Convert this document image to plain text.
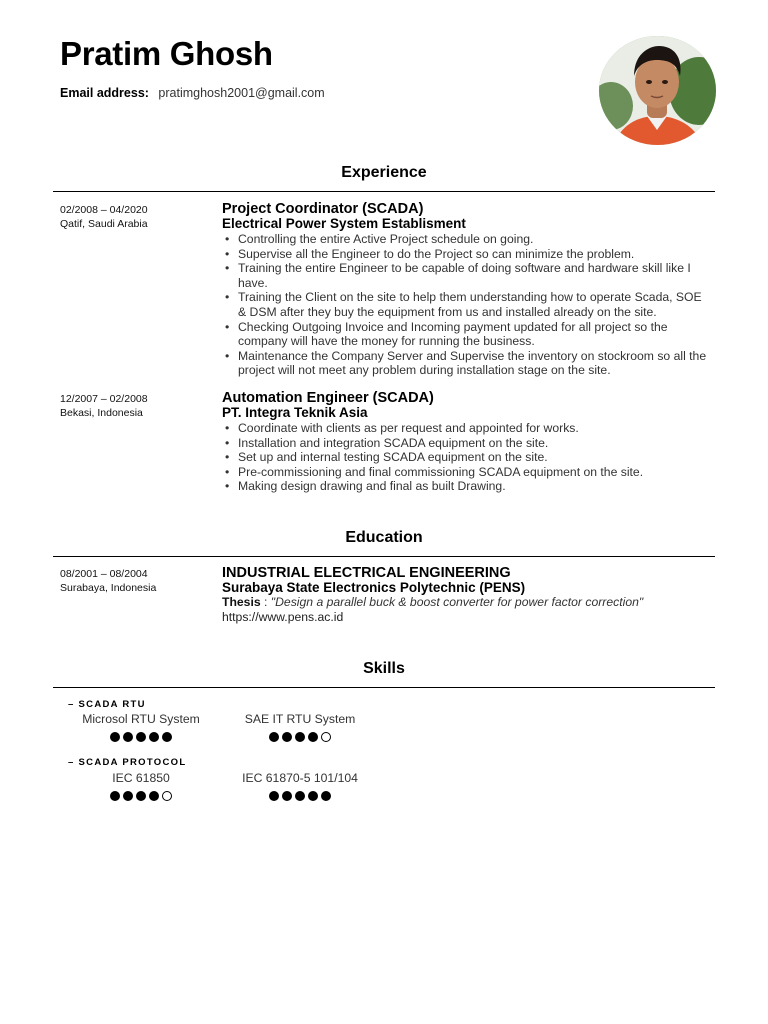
Pratim Ghosh
Email address: pratimghosh2001@gmail.com
Experience
02/2008 – 04/2020
Qatif, Saudi Arabia
Project Coordinator (SCADA)
Electrical Power System Establisment
• Controlling the entire Active Project schedule on going.
• Supervise all the Engineer to do the Project so can minimize the problem.
• Training the entire Engineer to be capable of doing software and hardware skill like I have.
• Training the Client on the site to help them understanding how to operate Scada, SOE & DSM after they buy the equipment from us and installed already on the site.
• Checking Outgoing Invoice and Incoming payment updated for all project so the company will have the money for running the business.
• Maintenance the Company Server and Supervise the inventory on stockroom so all the project will not meet any problem during installation stage on the site.
12/2007 – 02/2008
Bekasi, Indonesia
Automation Engineer (SCADA)
PT. Integra Teknik Asia
• Coordinate with clients as per request and appointed for works.
• Installation and integration SCADA equipment on the site.
• Set up and internal testing SCADA equipment on the site.
• Pre-commissioning and final commissioning SCADA equipment on the site.
• Making design drawing and final as built Drawing.
Education
08/2001 – 08/2004
Surabaya, Indonesia
INDUSTRIAL ELECTRICAL ENGINEERING
Surabaya State Electronics Polytechnic (PENS)
Thesis : "Design a parallel buck & boost converter for power factor correction"
https://www.pens.ac.id
Skills
– SCADA RTU
Microsol RTU System	SAE IT RTU System
– SCADA PROTOCOL
IEC 61850	IEC 61870-5 101/104
